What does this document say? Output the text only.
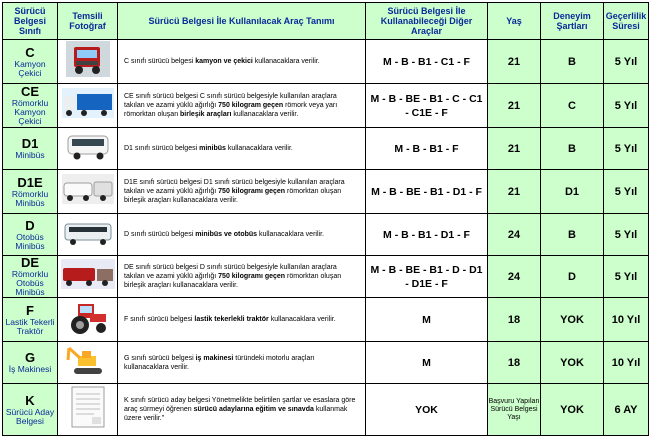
Sürücü Belgesi Sınıfı	Temsili Fotoğraf	Sürücü Belgesi İle Kullanılacak Araç Tanımı	Sürücü Belgesi İle Kullanabileceği Diğer Araçlar	Yaş	Deneyim Şartları	Geçerlilik Süresi

C
Kamyon Çekici		C sınıfı sürücü belgesi kamyon ve çekici kullanacaklara verilir.	M - B - B1 - C1 - F	21	B	5 Yıl

CE
Römorklu Kamyon Çekici		CE sınıfı sürücü belgesi C sınıfı sürücü belgesiyle kullanılan araçlara takılan ve azami yüklü ağırlığı 750 kilogram geçen römork veya yarı römorktan oluşan birleşik araçları kullanacaklara verilir.	M - B - BE - B1 - C - C1 - C1E - F	21	C	5 Yıl

D1
Minibüs		D1 sınıfı sürücü belgesi minibüs kullanacaklara verilir.	M - B - B1 - F	21	B	5 Yıl

D1E
Römorklu Minibüs		D1E sınıfı sürücü belgesi D1 sınıfı sürücü belgesiyle kullanılan araçlara takılan ve azami yüklü ağırlığı 750 kilogramı geçen römorktan oluşan birleşik araçları kullanacaklara verilir.	M - B - BE - B1 - D1 - F	21	D1	5 Yıl

D
Otobüs Minibüs		D sınıfı sürücü belgesi minibüs ve otobüs kullanacaklara verilir.	M - B - B1 - D1 - F	24	B	5 Yıl

DE
Römorklu Otobüs Minibüs		DE sınıfı sürücü belgesi D sınıfı sürücü belgesiyle kullanılan araçlara takılan ve azami yüklü ağırlığı 750 kilogramı geçen römorktan oluşan birleşik araçları kullanacaklara verilir.	M - B - BE - B1 - D - D1 - D1E - F	24	D	5 Yıl

F
Lastik Tekerli Traktör		F sınıfı sürücü belgesi lastik tekerlekli traktör kullanacaklara verilir.	M	18	YOK	10 Yıl

G
İş Makinesi		G sınıfı sürücü belgesi iş makinesi türündeki motorlu araçları kullanacaklara verilir.	M	18	YOK	10 Yıl

K
Sürücü Aday Belgesi		K sınıfı sürücü aday belgesi Yönetmelikte belirtilen şartlar ve esaslara göre araç sürmeyi öğrenen sürücü adaylarına eğitim ve sınavda kullanmak üzere verilir."	YOK	Başvuru Yapılan Sürücü Belgesi Yaşı	YOK	6 AY
